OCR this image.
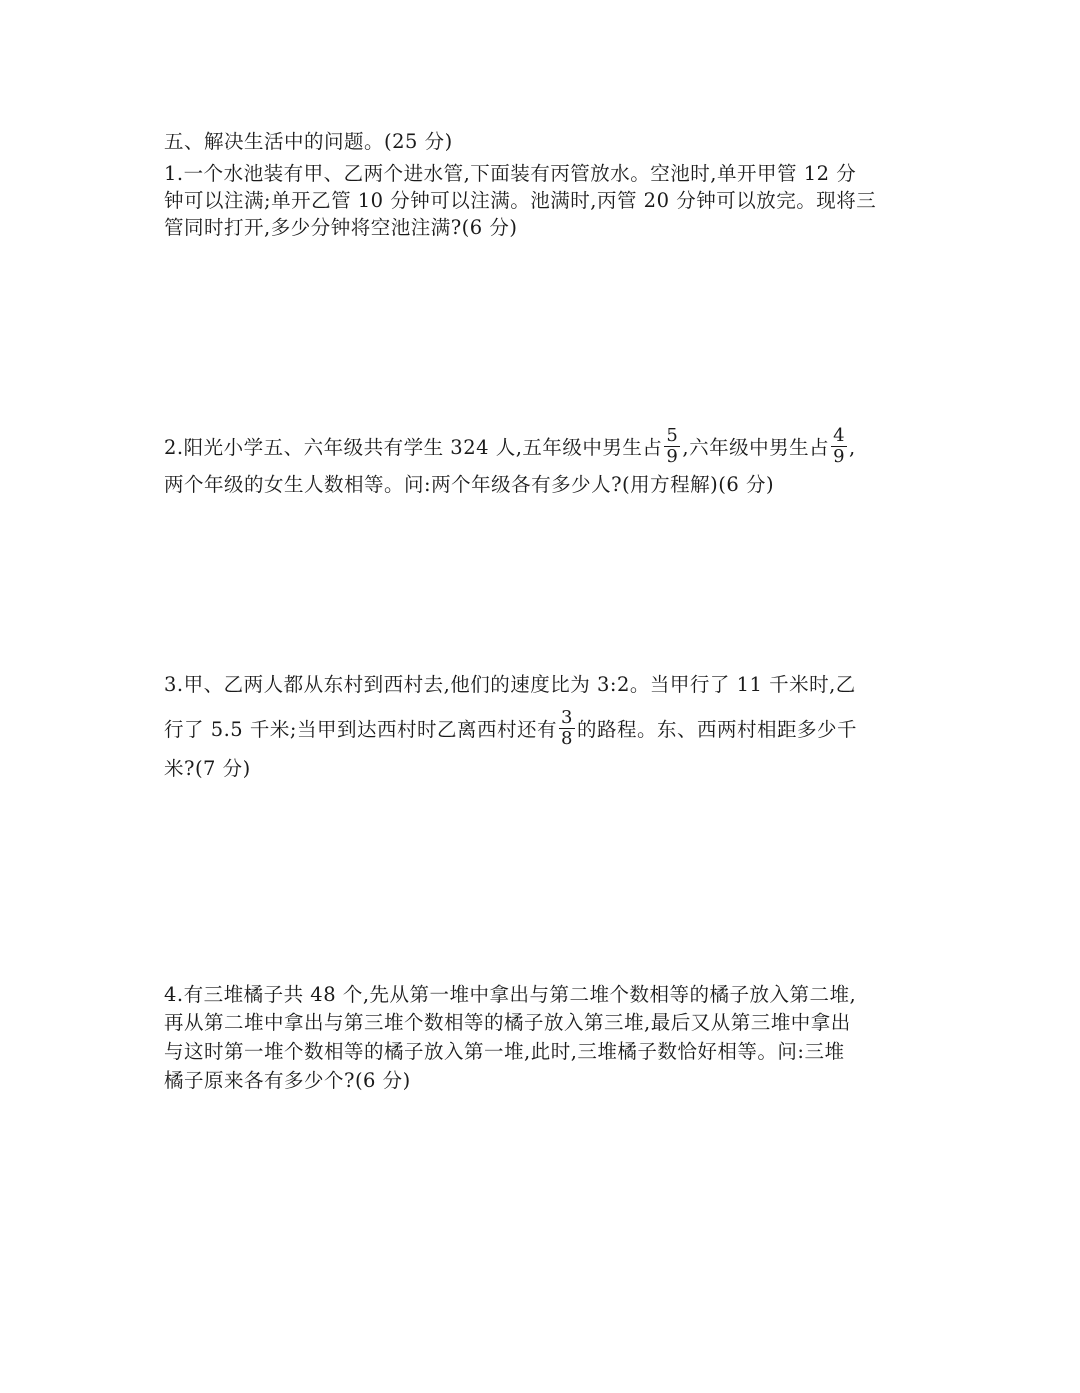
五、解决生活中的问题。(25 分)
1.一个水池装有甲、乙两个进水管,下面装有丙管放水。空池时,单开甲管 12 分
钟可以注满;单开乙管 10 分钟可以注满。池满时,丙管 20 分钟可以放完。现将三
管同时打开,多少分钟将空池注满?(6 分)
2.阳光小学五、六年级共有学生 324 人,五年级中男生占 $\frac{5}{9}$ ,六年级中男生占 $\frac{4}{9}$ ,
两个年级的女生人数相等。问:两个年级各有多少人?(用方程解)(6 分)
3.甲、乙两人都从东村到西村去,他们的速度比为 3:2。当甲行了 11 千米时,乙
行了 5.5 千米;当甲到达西村时乙离西村还有 $\frac{3}{8}$ 的路程。东、西两村相距多少千
米?(7 分)
4.有三堆橘子共 48 个,先从第一堆中拿出与第二堆个数相等的橘子放入第二堆,
再从第二堆中拿出与第三堆个数相等的橘子放入第三堆,最后又从第三堆中拿出
与这时第一堆个数相等的橘子放入第一堆,此时,三堆橘子数恰好相等。问:三堆
橘子原来各有多少个?(6 分)
